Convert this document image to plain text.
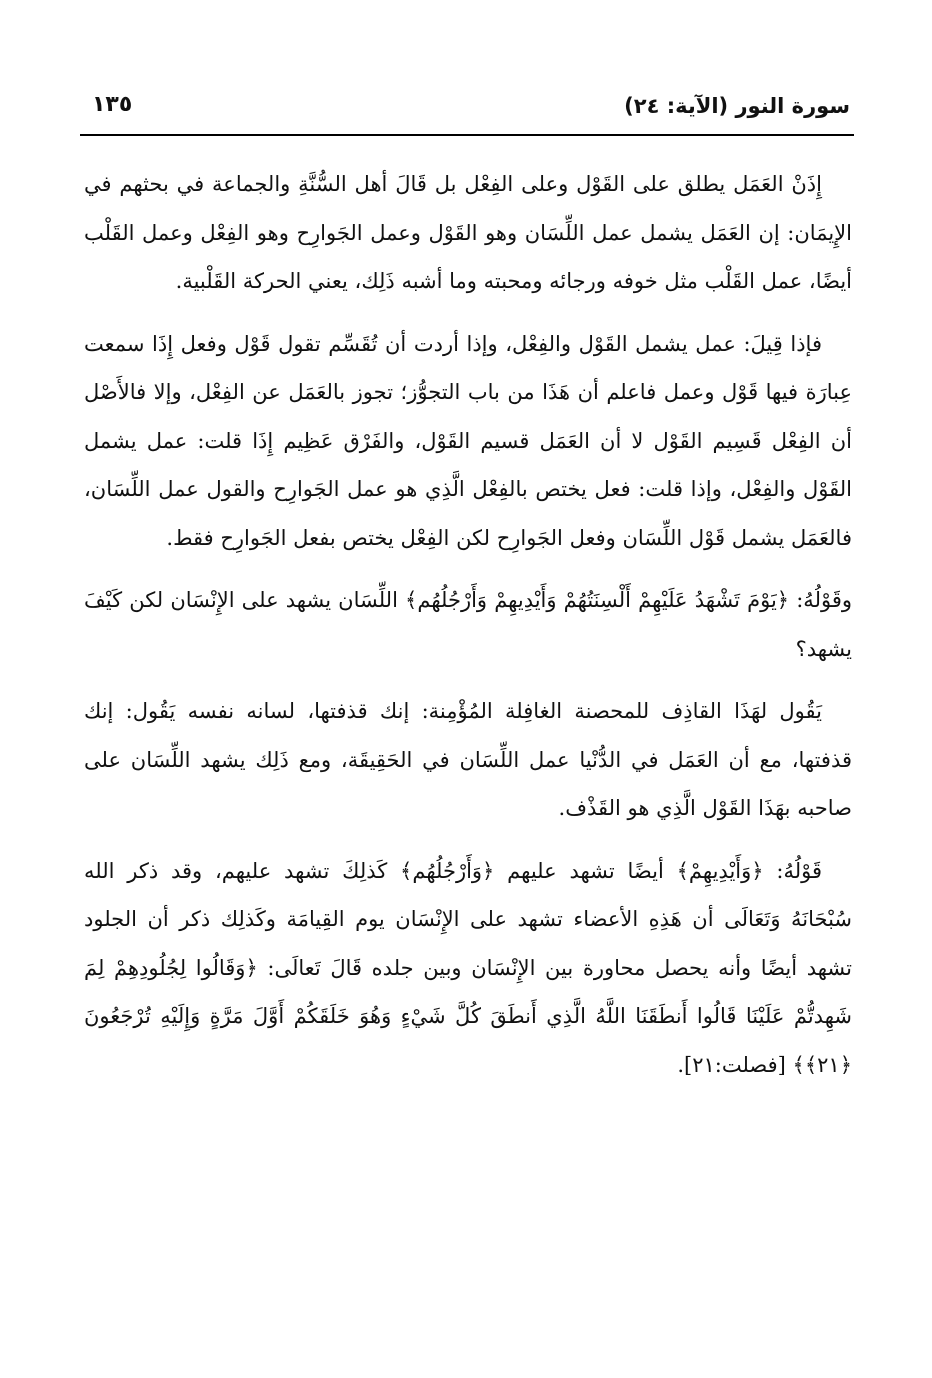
سورة النور (الآية: ٢٤)
١٣٥

إِذَنْ العَمَل يطلق على القَوْل وعلى الفِعْل بل قَالَ أهل السُّنَّةِ والجماعة في بحثهم في الإِيمَان: إن العَمَل يشمل عمل اللِّسَان وهو القَوْل وعمل الجَوارِح وهو الفِعْل وعمل القَلْب أيضًا، عمل القَلْب مثل خوفه ورجائه ومحبته وما أشبه ذَلِك، يعني الحركة القَلْبية.

فإذا قِيلَ: عمل يشمل القَوْل والفِعْل، وإذا أردت أن تُقَسِّم تقول قَوْل وفعل إِذَا سمعت عِبارَة فيها قَوْل وعمل فاعلم أن هَذَا من باب التجوُّز؛ تجوز بالعَمَل عن الفِعْل، وإلا فالأَصْل أن الفِعْل قَسِيم القَوْل لا أن العَمَل قسيم القَوْل، والفَرْق عَظِيم إِذَا قلت: عمل يشمل القَوْل والفِعْل، وإذا قلت: فعل يختص بالفِعْل الَّذِي هو عمل الجَوارِح والقول عمل اللِّسَان، فالعَمَل يشمل قَوْل اللِّسَان وفعل الجَوارِح لكن الفِعْل يختص بفعل الجَوارِح فقط.

وقَوْلُهُ: ﴿يَوْمَ تَشْهَدُ عَلَيْهِمْ أَلْسِنَتُهُمْ وَأَيْدِيهِمْ وَأَرْجُلُهُم﴾ اللِّسَان يشهد على الإِنْسَان لكن كَيْفَ يشهد؟

يَقُول لهَذَا القاذِف للمحصنة الغافِلة المُؤْمِنة: إنك قذفتها، لسانه نفسه يَقُول: إنك قذفتها، مع أن العَمَل في الدُّنْيا عمل اللِّسَان في الحَقِيقَة، ومع ذَلِك يشهد اللِّسَان على صاحبه بهَذَا القَوْل الَّذِي هو القَذْف.

قَوْلُهُ: ﴿وَأَيْدِيهِمْ﴾ أيضًا تشهد عليهم ﴿وَأَرْجُلُهُم﴾ كَذلِكَ تشهد عليهم، وقد ذكر الله سُبْحَانَهُ وَتَعَالَى أن هَذِهِ الأعضاء تشهد على الإِنْسَان يوم القِيامَة وكَذلِك ذكر أن الجلود تشهد أيضًا وأنه يحصل محاورة بين الإِنْسَان وبين جلده قَالَ تَعالَى: ﴿وَقَالُوا لِجُلُودِهِمْ لِمَ شَهِدتُّمْ عَلَيْنَا قَالُوا أَنطَقَنَا اللَّهُ الَّذِي أَنطَقَ كُلَّ شَيْءٍ وَهُوَ خَلَقَكُمْ أَوَّلَ مَرَّةٍ وَإِلَيْهِ تُرْجَعُونَ ﴿٢١﴾﴾ [فصلت:٢١].
